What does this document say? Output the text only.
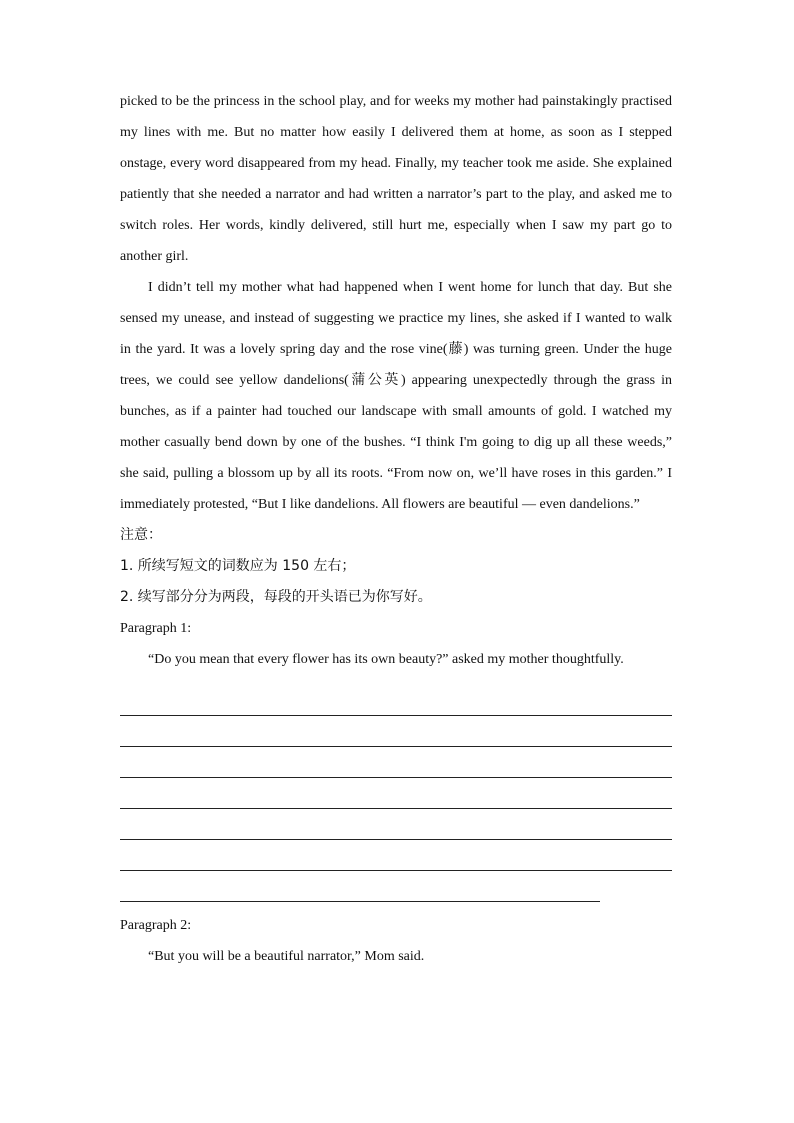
picked to be the princess in the school play, and for weeks my mother had painstakingly practised my lines with me. But no matter how easily I delivered them at home, as soon as I stepped onstage, every word disappeared from my head. Finally, my teacher took me aside. She explained patiently that she needed a narrator and had written a narrator’s part to the play, and asked me to switch roles. Her words, kindly delivered, still hurt me, especially when I saw my part go to another girl.

I didn’t tell my mother what had happened when I went home for lunch that day. But she sensed my unease, and instead of suggesting we practice my lines, she asked if I wanted to walk in the yard. It was a lovely spring day and the rose vine(藤) was turning green. Under the huge trees, we could see yellow dandelions(蒲公英) appearing unexpectedly through the grass in bunches, as if a painter had touched our landscape with small amounts of gold. I watched my mother casually bend down by one of the bushes. “I think I'm going to dig up all these weeds,” she said, pulling a blossom up by all its roots. “From now on, we’ll have roses in this garden.” I immediately protested, “But I like dandelions. All flowers are beautiful — even dandelions.”

注意：

1. 所续写短文的词数应为 150 左右；

2. 续写部分分为两段，每段的开头语已为你写好。

Paragraph 1:

“Do you mean that every flower has its own beauty?” asked my mother thoughtfully.

Paragraph 2:

“But you will be a beautiful narrator,” Mom said.
